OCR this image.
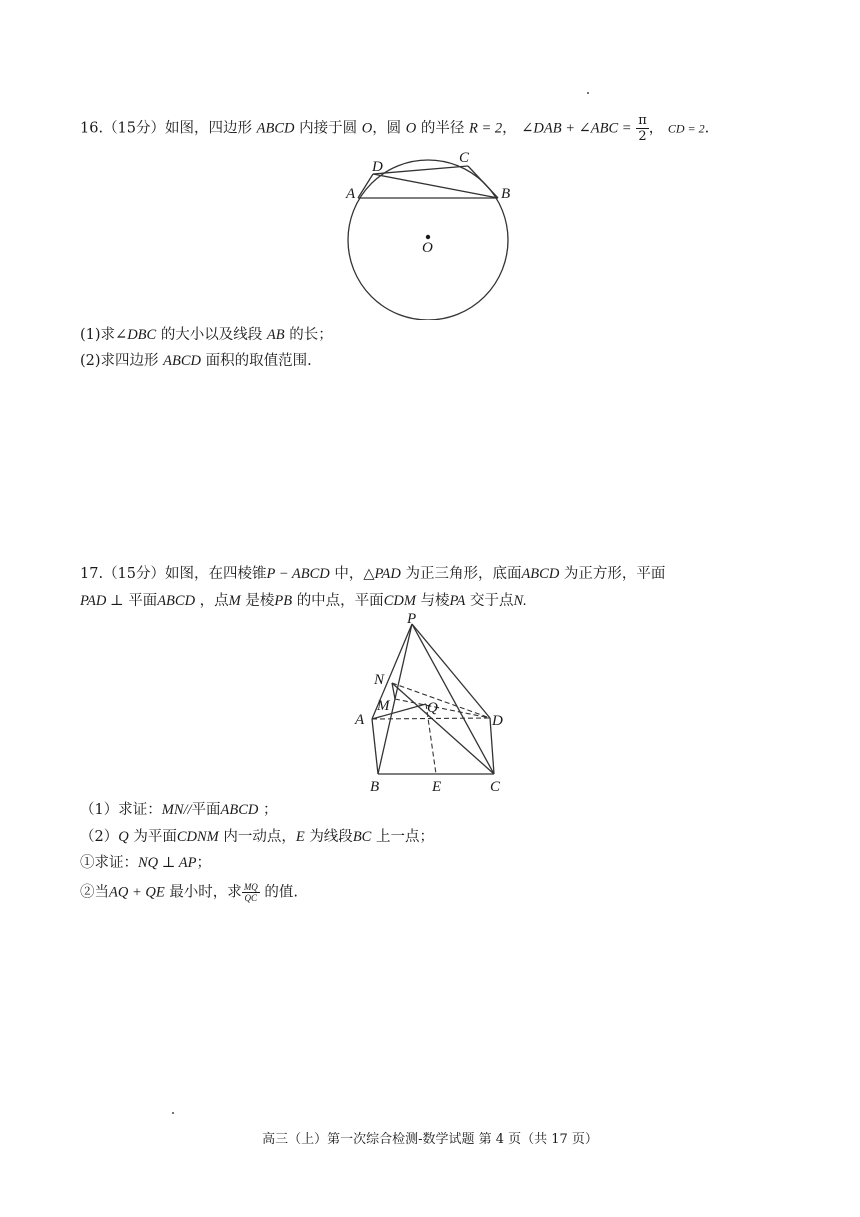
16.（15分）如图，四边形 ABCD 内接于圆 O，圆 O 的半径 R = 2， ∠DAB + ∠ABC = $\frac{\pi}{2}$ ， CD = 2.
A	B
C
D
O
(1)求∠DBC 的大小以及线段 AB 的长；
(2)求四边形 ABCD 面积的取值范围.
17.（15分）如图，在四棱锥P − ABCD 中，△PAD 为正三角形，底面ABCD 为正方形，平面
PAD ⊥ 平面ABCD ，点M 是棱PB 的中点，平面CDM 与棱PA 交于点N.
P
N
M
A
Q
D
B	E	C
（1）求证：MN//平面ABCD ；
（2）Q 为平面CDNM 内一动点，E 为线段BC 上一点；
①求证：NQ ⊥ AP；
②当AQ + QE 最小时，求 $\frac{MQ}{QC}$ 的值.
高三（上）第一次综合检测-数学试题 第 4 页（共 17 页）
